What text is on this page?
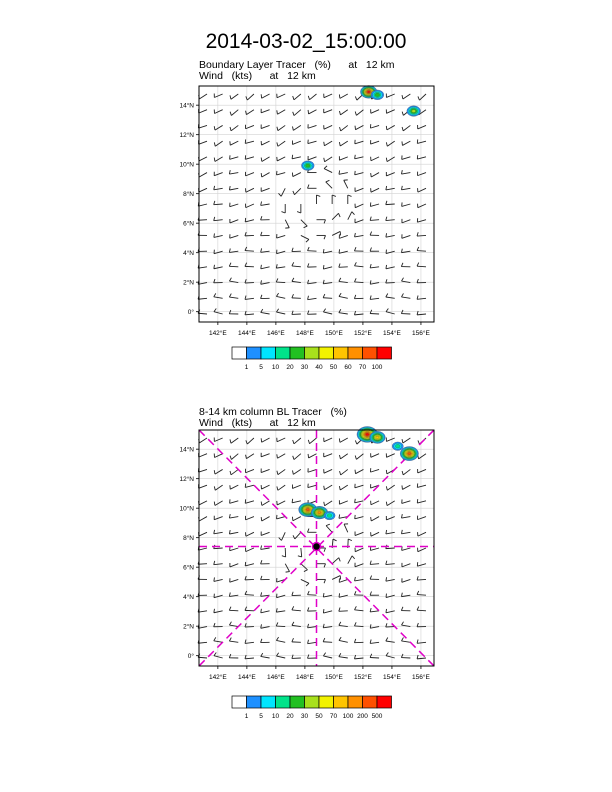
2014-03-02_15:00:00
Boundary Layer Tracer   (%)      at   12 km
Wind   (kts)      at   12 km
142°E 144°E 146°E 148°E 150°E 152°E 154°E 156°E
0°
2°N
4°N
6°N
8°N
10°N
12°N
14°N
1 5 10 20 30 40 50 60 70 100
8-14 km column BL Tracer   (%)
Wind   (kts)      at   12 km
142°E 144°E 146°E 148°E 150°E 152°E 154°E 156°E
0°
2°N
4°N
6°N
8°N
10°N
12°N
14°N
1 5 10 20 30 50 70 100 200 500
